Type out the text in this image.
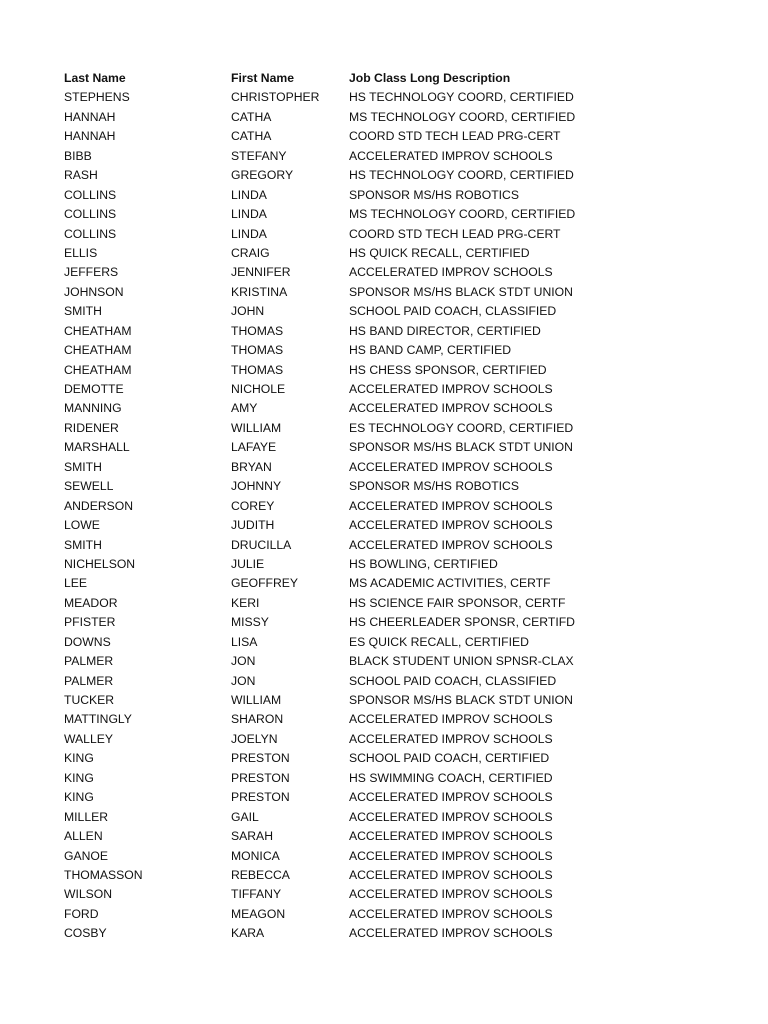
Last Name	First Name	Job Class Long Description
STEPHENS	CHRISTOPHER	HS TECHNOLOGY COORD, CERTIFIED
HANNAH	CATHA	MS TECHNOLOGY COORD, CERTIFIED
HANNAH	CATHA	COORD STD TECH LEAD PRG-CERT
BIBB	STEFANY	ACCELERATED IMPROV SCHOOLS
RASH	GREGORY	HS TECHNOLOGY COORD, CERTIFIED
COLLINS	LINDA	SPONSOR MS/HS ROBOTICS
COLLINS	LINDA	MS TECHNOLOGY COORD, CERTIFIED
COLLINS	LINDA	COORD STD TECH LEAD PRG-CERT
ELLIS	CRAIG	HS QUICK RECALL, CERTIFIED
JEFFERS	JENNIFER	ACCELERATED IMPROV SCHOOLS
JOHNSON	KRISTINA	SPONSOR MS/HS BLACK STDT UNION
SMITH	JOHN	SCHOOL PAID COACH, CLASSIFIED
CHEATHAM	THOMAS	HS BAND DIRECTOR, CERTIFIED
CHEATHAM	THOMAS	HS BAND CAMP, CERTIFIED
CHEATHAM	THOMAS	HS CHESS SPONSOR, CERTIFIED
DEMOTTE	NICHOLE	ACCELERATED IMPROV SCHOOLS
MANNING	AMY	ACCELERATED IMPROV SCHOOLS
RIDENER	WILLIAM	ES TECHNOLOGY COORD, CERTIFIED
MARSHALL	LAFAYE	SPONSOR MS/HS BLACK STDT UNION
SMITH	BRYAN	ACCELERATED IMPROV SCHOOLS
SEWELL	JOHNNY	SPONSOR MS/HS ROBOTICS
ANDERSON	COREY	ACCELERATED IMPROV SCHOOLS
LOWE	JUDITH	ACCELERATED IMPROV SCHOOLS
SMITH	DRUCILLA	ACCELERATED IMPROV SCHOOLS
NICHELSON	JULIE	HS BOWLING, CERTIFIED
LEE	GEOFFREY	MS ACADEMIC ACTIVITIES, CERTF
MEADOR	KERI	HS SCIENCE FAIR SPONSOR, CERTF
PFISTER	MISSY	HS CHEERLEADER SPONSR, CERTIFD
DOWNS	LISA	ES QUICK RECALL, CERTIFIED
PALMER	JON	BLACK STUDENT UNION SPNSR-CLAX
PALMER	JON	SCHOOL PAID COACH, CLASSIFIED
TUCKER	WILLIAM	SPONSOR MS/HS BLACK STDT UNION
MATTINGLY	SHARON	ACCELERATED IMPROV SCHOOLS
WALLEY	JOELYN	ACCELERATED IMPROV SCHOOLS
KING	PRESTON	SCHOOL PAID COACH, CERTIFIED
KING	PRESTON	HS SWIMMING COACH, CERTIFIED
KING	PRESTON	ACCELERATED IMPROV SCHOOLS
MILLER	GAIL	ACCELERATED IMPROV SCHOOLS
ALLEN	SARAH	ACCELERATED IMPROV SCHOOLS
GANOE	MONICA	ACCELERATED IMPROV SCHOOLS
THOMASSON	REBECCA	ACCELERATED IMPROV SCHOOLS
WILSON	TIFFANY	ACCELERATED IMPROV SCHOOLS
FORD	MEAGON	ACCELERATED IMPROV SCHOOLS
COSBY	KARA	ACCELERATED IMPROV SCHOOLS
